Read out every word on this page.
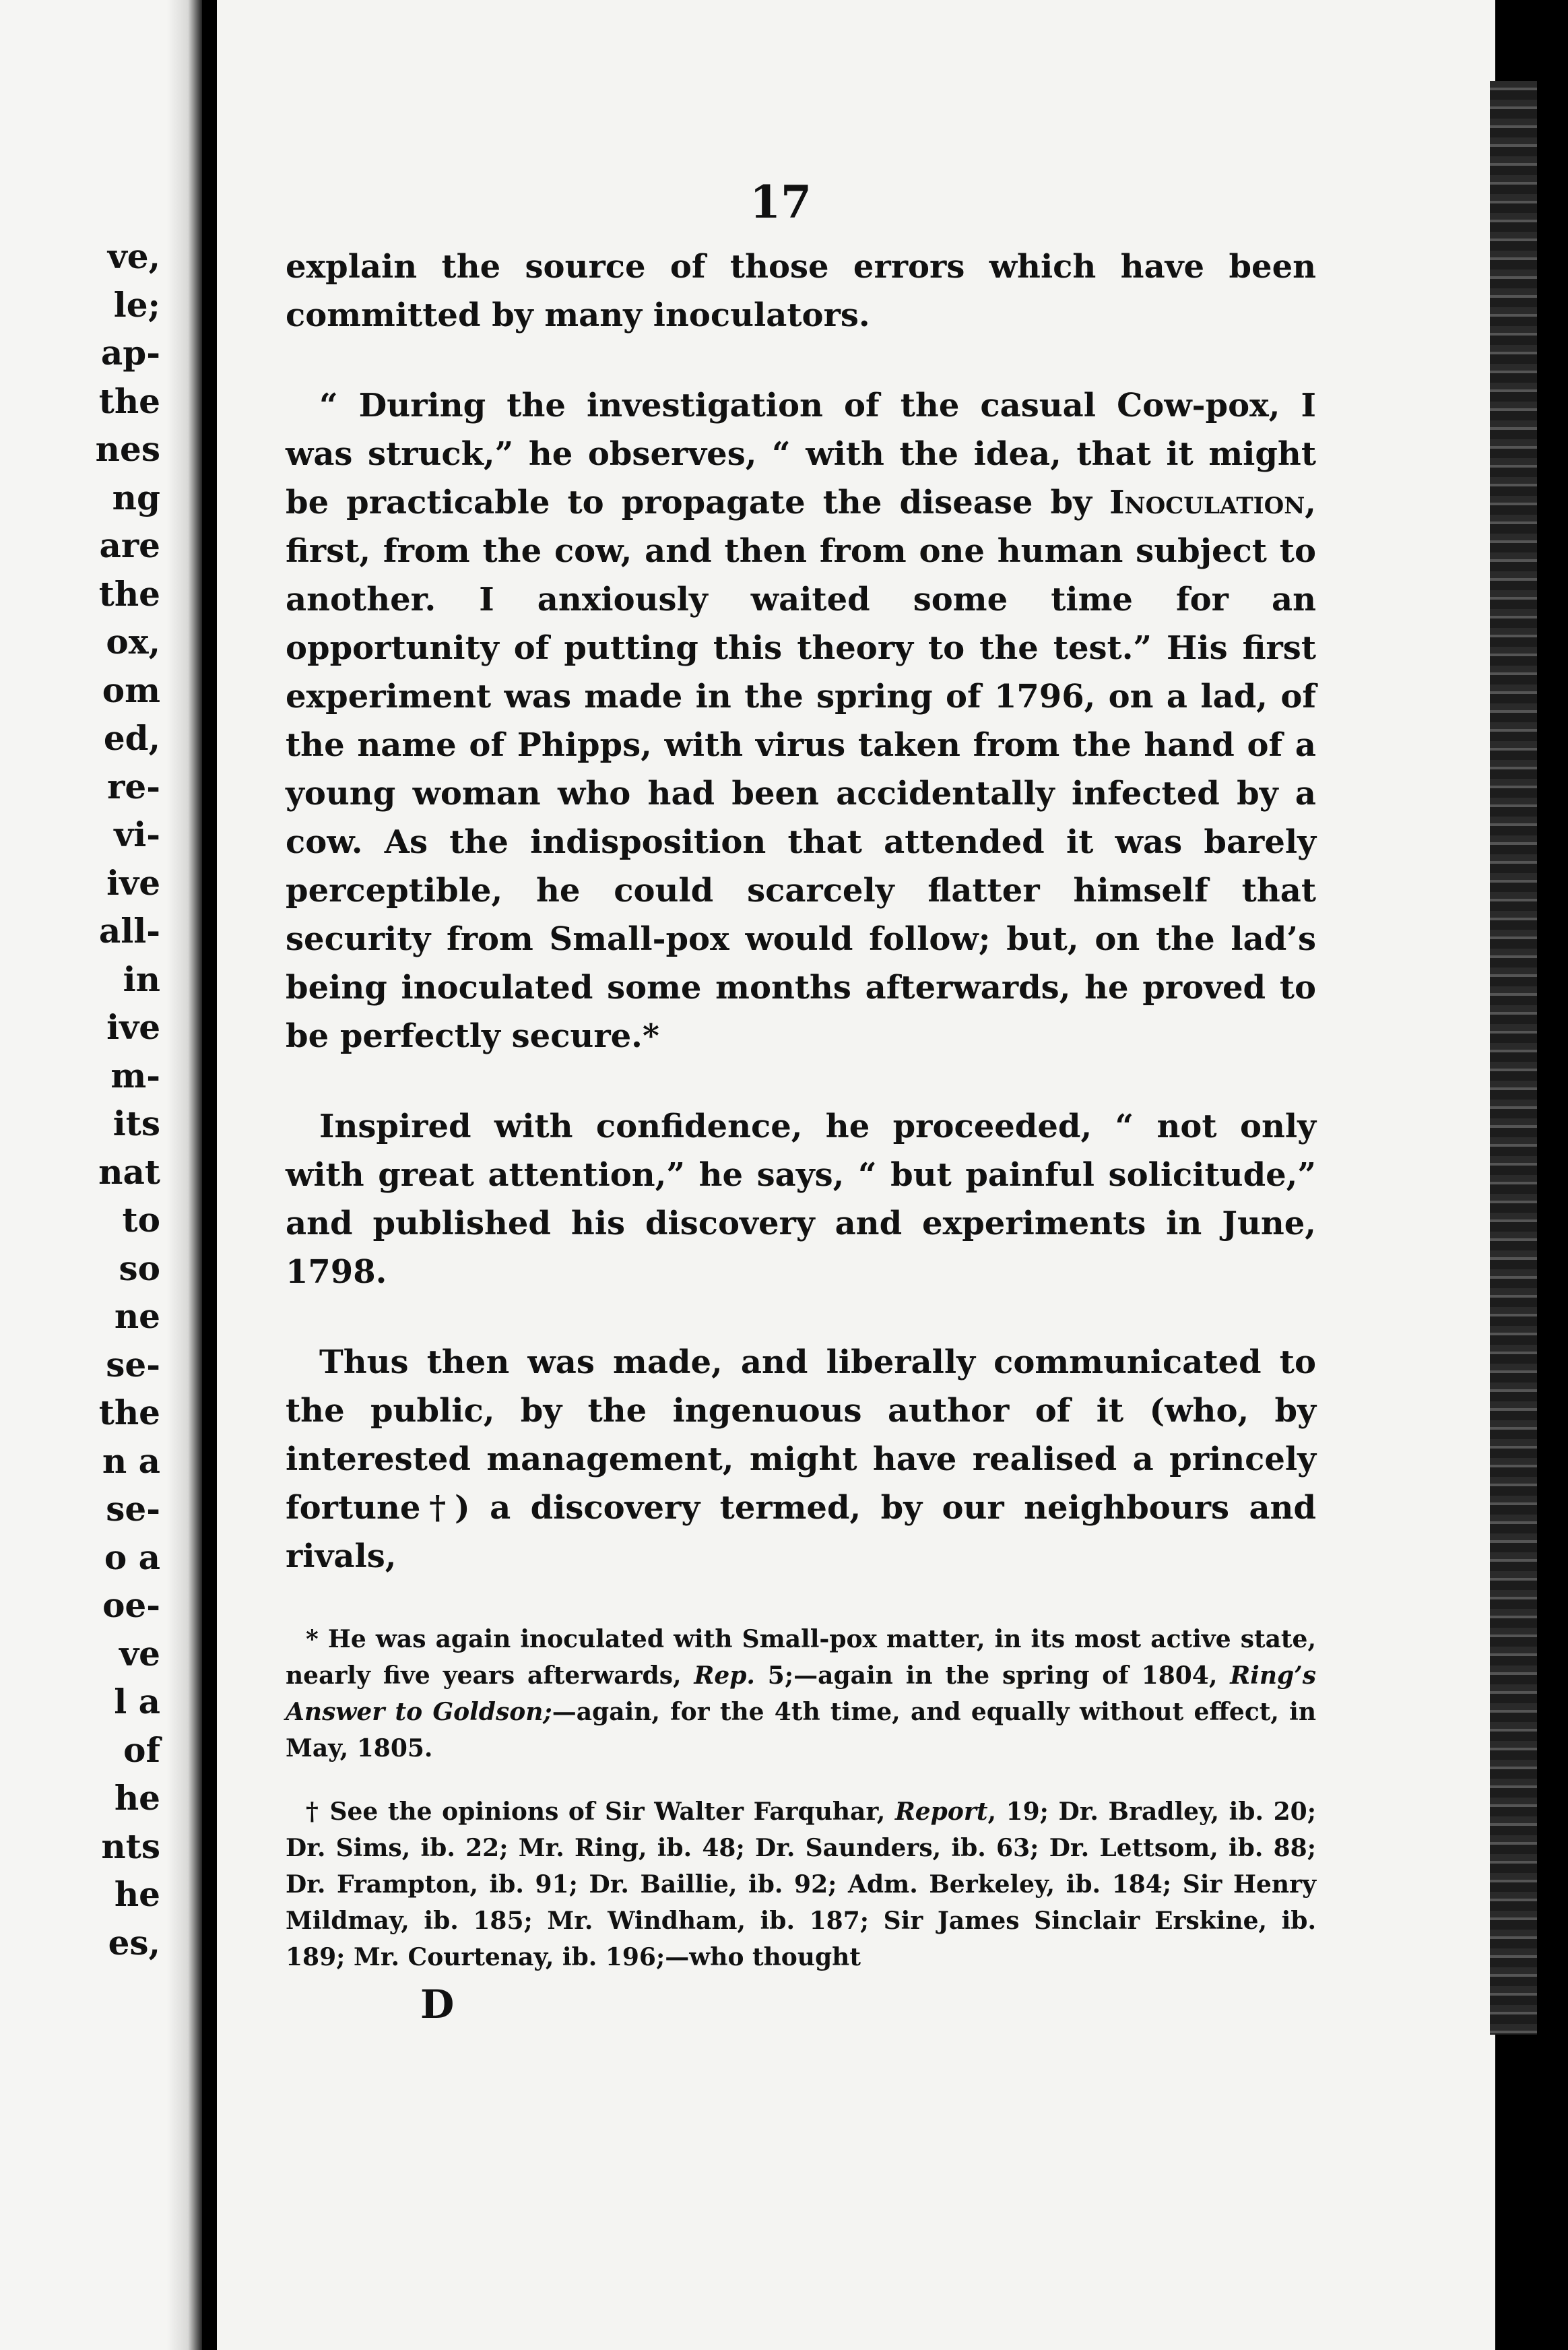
ve,
le;
ap-
the
nes
ng
are
the
ox,
om
ed,
re-
vi-
ive
all-
in
ive
m-
its
nat
to
so
ne
se-
the
n a
se-
o a
oe-
ve
l a
of
he
nts
he
es,
17

explain the source of those errors which have been committed by many inoculators.

“ During the investigation of the casual Cow-pox, I was struck,” he observes, “ with the idea, that it might be practicable to propagate the disease by Inoculation, first, from the cow, and then from one human subject to another. I anxiously waited some time for an opportunity of putting this theory to the test.” His first experiment was made in the spring of 1796, on a lad, of the name of Phipps, with virus taken from the hand of a young woman who had been accidentally infected by a cow. As the indisposition that attended it was barely perceptible, he could scarcely flatter himself that security from Small-pox would follow; but, on the lad’s being inoculated some months afterwards, he proved to be perfectly secure.*

Inspired with confidence, he proceeded, “ not only with great attention,” he says, “ but painful solicitude,” and published his discovery and experiments in June, 1798.

Thus then was made, and liberally communicated to the public, by the ingenuous author of it (who, by interested management, might have realised a princely fortune†) a discovery termed, by our neighbours and rivals,

* He was again inoculated with Small-pox matter, in its most active state, nearly five years afterwards, Rep. 5;—again in the spring of 1804, Ring’s Answer to Goldson;—again, for the 4th time, and equally without effect, in May, 1805.

† See the opinions of Sir Walter Farquhar, Report, 19; Dr. Bradley, ib. 20; Dr. Sims, ib. 22; Mr. Ring, ib. 48; Dr. Saunders, ib. 63; Dr. Lettsom, ib. 88; Dr. Frampton, ib. 91; Dr. Baillie, ib. 92; Adm. Berkeley, ib. 184; Sir Henry Mildmay, ib. 185; Mr. Windham, ib. 187; Sir James Sinclair Erskine, ib. 189; Mr. Courtenay, ib. 196;—who thought

D
